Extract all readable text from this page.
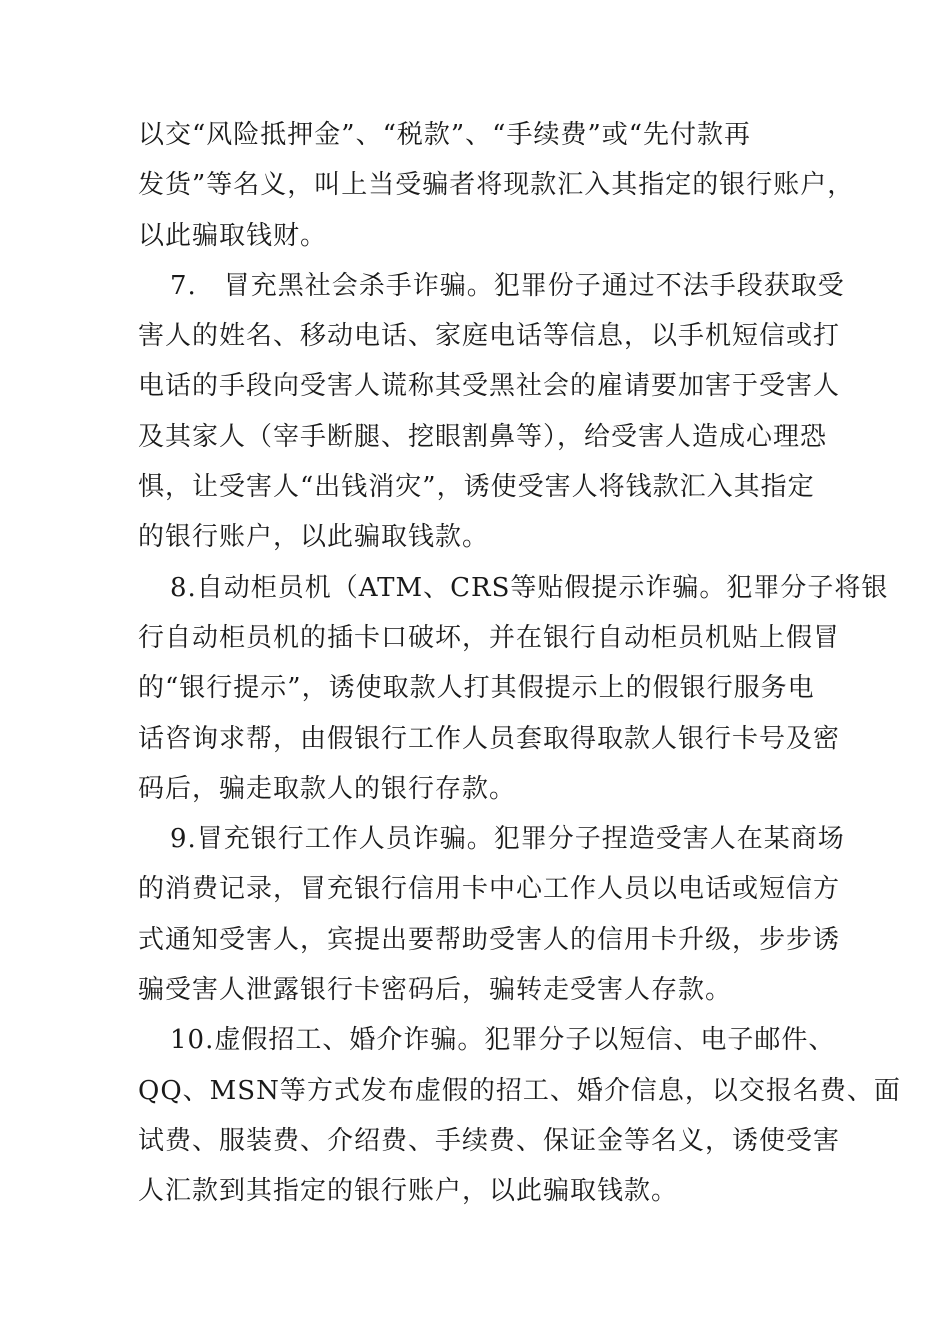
以交“风险抵押金”、“税款”、“手续费”或“先付款再
发货”等名义，叫上当受骗者将现款汇入其指定的银行账户，
以此骗取钱财。

7.　冒充黑社会杀手诈骗。犯罪份子通过不法手段获取受
害人的姓名、移动电话、家庭电话等信息，以手机短信或打
电话的手段向受害人谎称其受黑社会的雇请要加害于受害人
及其家人（宰手断腿、挖眼割鼻等），给受害人造成心理恐
惧，让受害人“出钱消灾”，诱使受害人将钱款汇入其指定
的银行账户，以此骗取钱款。

8.自动柜员机（ATM、CRS等贴假提示诈骗。犯罪分子将银
行自动柜员机的插卡口破坏，并在银行自动柜员机贴上假冒
的“银行提示”，诱使取款人打其假提示上的假银行服务电
话咨询求帮，由假银行工作人员套取得取款人银行卡号及密
码后，骗走取款人的银行存款。

9.冒充银行工作人员诈骗。犯罪分子捏造受害人在某商场
的消费记录，冒充银行信用卡中心工作人员以电话或短信方
式通知受害人，宾提出要帮助受害人的信用卡升级，步步诱
骗受害人泄露银行卡密码后，骗转走受害人存款。

10.虚假招工、婚介诈骗。犯罪分子以短信、电子邮件、
QQ、MSN等方式发布虚假的招工、婚介信息，以交报名费、面
试费、服装费、介绍费、手续费、保证金等名义，诱使受害
人汇款到其指定的银行账户，以此骗取钱款。
